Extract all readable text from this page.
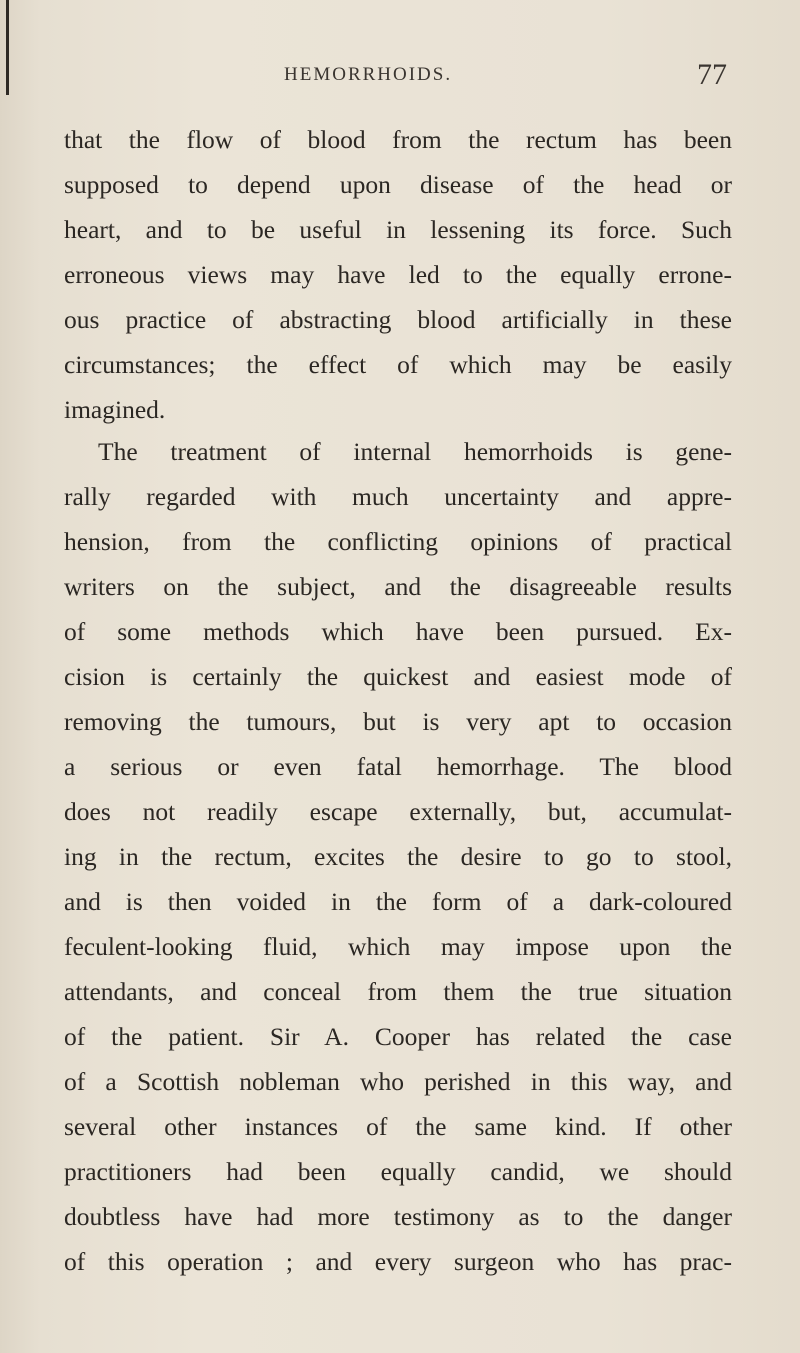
HEMORRHOIDS.	77
that the flow of blood from the rectum has been
supposed to depend upon disease of the head or
heart, and to be useful in lessening its force. Such
erroneous views may have led to the equally errone-
ous practice of abstracting blood artificially in these
circumstances; the effect of which may be easily
imagined.
The treatment of internal hemorrhoids is gene-
rally regarded with much uncertainty and appre-
hension, from the conflicting opinions of practical
writers on the subject, and the disagreeable results
of some methods which have been pursued. Ex-
cision is certainly the quickest and easiest mode of
removing the tumours, but is very apt to occasion
a serious or even fatal hemorrhage. The blood
does not readily escape externally, but, accumulat-
ing in the rectum, excites the desire to go to stool,
and is then voided in the form of a dark-coloured
feculent-looking fluid, which may impose upon the
attendants, and conceal from them the true situation
of the patient. Sir A. Cooper has related the case
of a Scottish nobleman who perished in this way, and
several other instances of the same kind. If other
practitioners had been equally candid, we should
doubtless have had more testimony as to the danger
of this operation ; and every surgeon who has prac-
